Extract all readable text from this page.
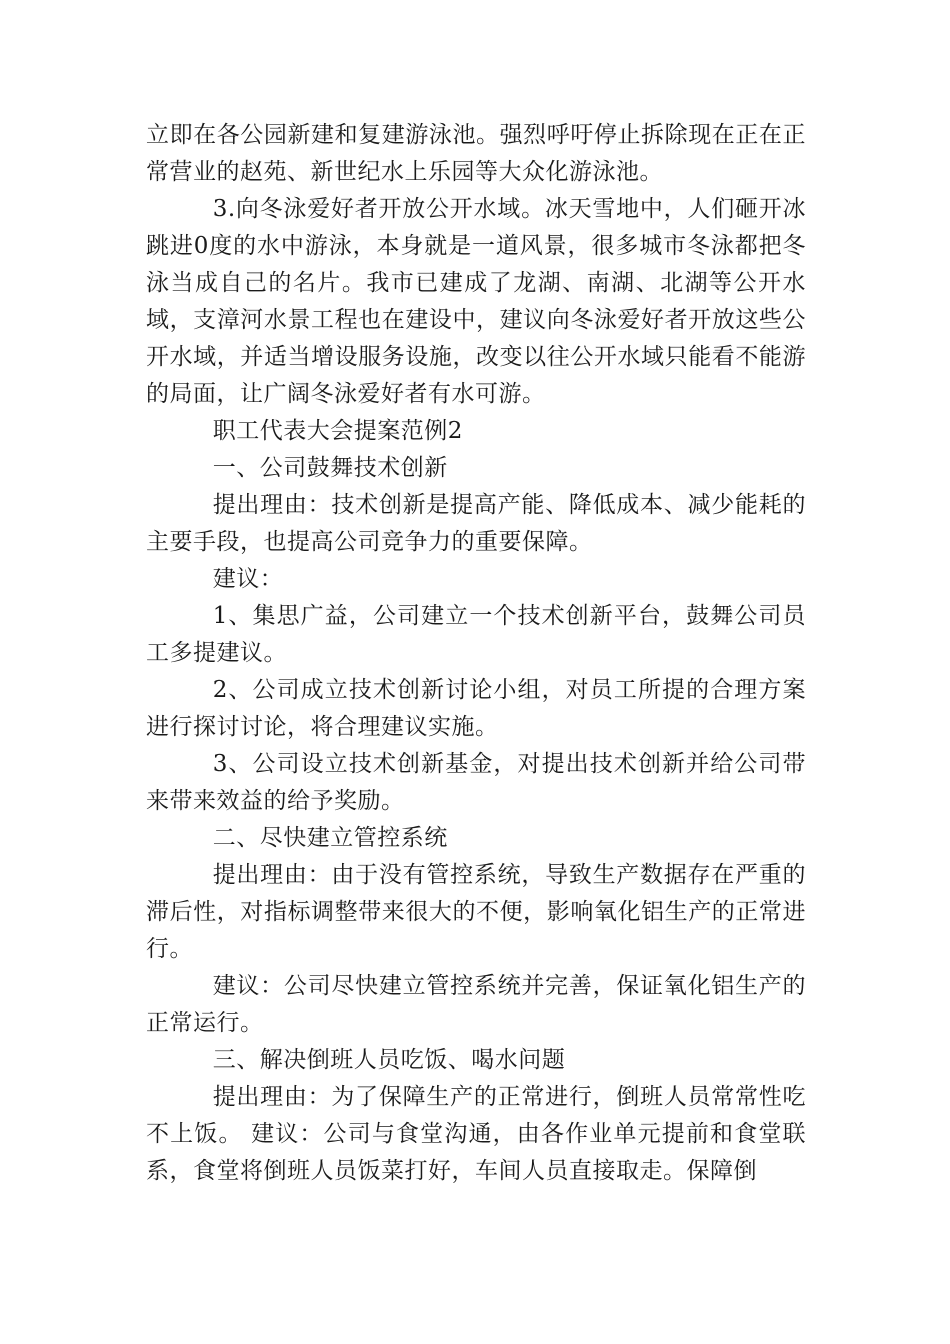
立即在各公园新建和复建游泳池。强烈呼吁停止拆除现在正在正常营业的赵苑、新世纪水上乐园等大众化游泳池。

3.向冬泳爱好者开放公开水域。冰天雪地中，人们砸开冰跳进0度的水中游泳，本身就是一道风景，很多城市冬泳都把冬泳当成自己的名片。我市已建成了龙湖、南湖、北湖等公开水域，支漳河水景工程也在建设中，建议向冬泳爱好者开放这些公开水域，并适当增设服务设施，改变以往公开水域只能看不能游的局面，让广阔冬泳爱好者有水可游。

职工代表大会提案范例2

一、公司鼓舞技术创新

提出理由：技术创新是提高产能、降低成本、减少能耗的主要手段，也提高公司竞争力的重要保障。

建议：

1、集思广益，公司建立一个技术创新平台，鼓舞公司员工多提建议。

2、公司成立技术创新讨论小组，对员工所提的合理方案进行探讨讨论，将合理建议实施。

3、公司设立技术创新基金，对提出技术创新并给公司带来带来效益的给予奖励。

二、尽快建立管控系统

提出理由：由于没有管控系统，导致生产数据存在严重的滞后性，对指标调整带来很大的不便，影响氧化铝生产的正常进行。

建议：公司尽快建立管控系统并完善，保证氧化铝生产的正常运行。

三、解决倒班人员吃饭、喝水问题

提出理由：为了保障生产的正常进行，倒班人员常常性吃不上饭。 建议：公司与食堂沟通，由各作业单元提前和食堂联系，食堂将倒班人员饭菜打好，车间人员直接取走。保障倒
